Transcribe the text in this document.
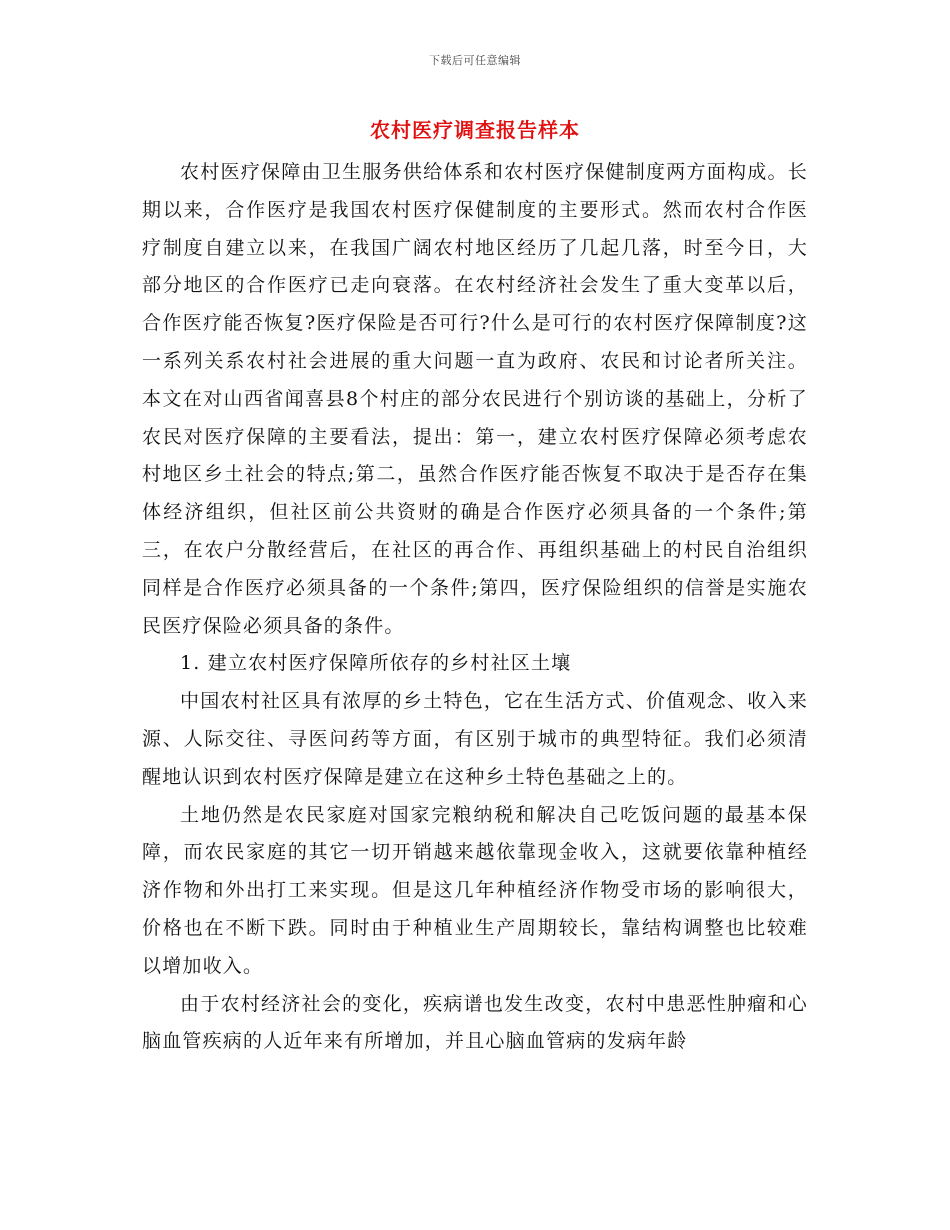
下载后可任意编辑
农村医疗调查报告样本

农村医疗保障由卫生服务供给体系和农村医疗保健制度两方面构成。长期以来，合作医疗是我国农村医疗保健制度的主要形式。然而农村合作医疗制度自建立以来，在我国广阔农村地区经历了几起几落，时至今日，大部分地区的合作医疗已走向衰落。在农村经济社会发生了重大变革以后，合作医疗能否恢复?医疗保险是否可行?什么是可行的农村医疗保障制度?这一系列关系农村社会进展的重大问题一直为政府、农民和讨论者所关注。本文在对山西省闻喜县8个村庄的部分农民进行个别访谈的基础上，分析了农民对医疗保障的主要看法，提出：第一，建立农村医疗保障必须考虑农村地区乡土社会的特点;第二，虽然合作医疗能否恢复不取决于是否存在集体经济组织，但社区前公共资财的确是合作医疗必须具备的一个条件;第三，在农户分散经营后，在社区的再合作、再组织基础上的村民自治组织同样是合作医疗必须具备的一个条件;第四，医疗保险组织的信誉是实施农民医疗保险必须具备的条件。

1. 建立农村医疗保障所依存的乡村社区土壤

中国农村社区具有浓厚的乡土特色，它在生活方式、价值观念、收入来源、人际交往、寻医问药等方面，有区别于城市的典型特征。我们必须清醒地认识到农村医疗保障是建立在这种乡土特色基础之上的。

土地仍然是农民家庭对国家完粮纳税和解决自己吃饭问题的最基本保障，而农民家庭的其它一切开销越来越依靠现金收入，这就要依靠种植经济作物和外出打工来实现。但是这几年种植经济作物受市场的影响很大，价格也在不断下跌。同时由于种植业生产周期较长，靠结构调整也比较难以增加收入。

由于农村经济社会的变化，疾病谱也发生改变，农村中患恶性肿瘤和心脑血管疾病的人近年来有所增加，并且心脑血管病的发病年龄
